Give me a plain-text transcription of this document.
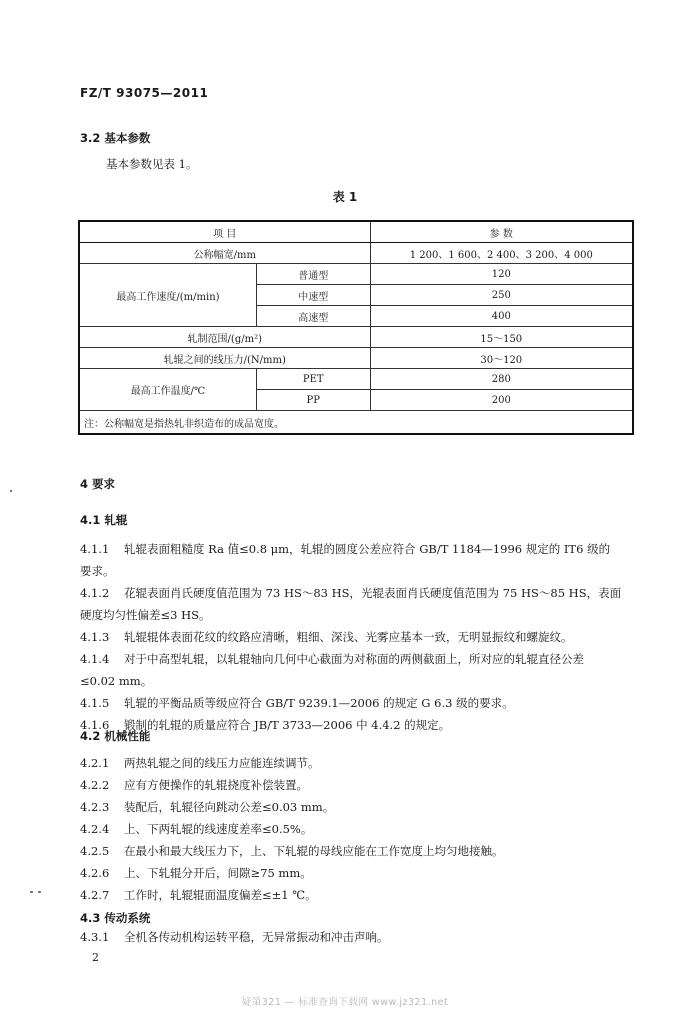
FZ/T 93075—2011
3.2 基本参数
基本参数见表 1。
表 1
项 目		参 数
公称幅宽/mm		1 200、1 600、2 400、3 200、4 000
最高工作速度/(m/min)	普通型	120
	中速型	250
	高速型	400
轧制范围/(g/m²)		15～150
轧辊之间的线压力/(N/mm)		30～120
最高工作温度/℃	PET	280
	PP	200
注：公称幅宽是指热轧非织造布的成品宽度。		
4 要求
4.1 轧辊
4.1.1 轧辊表面粗糙度 Ra 值≤0.8 μm，轧辊的圆度公差应符合 GB/T 1184—1996 规定的 IT6 级的
要求。
4.1.2 花辊表面肖氏硬度值范围为 73 HS～83 HS，光辊表面肖氏硬度值范围为 75 HS～85 HS，表面
硬度均匀性偏差≤3 HS。
4.1.3 轧辊辊体表面花纹的纹路应清晰，粗细、深浅、光雾应基本一致，无明显振纹和螺旋纹。
4.1.4 对于中高型轧辊，以轧辊轴向几何中心截面为对称面的两侧截面上，所对应的轧辊直径公差
≤0.02 mm。
4.1.5 轧辊的平衡品质等级应符合 GB/T 9239.1—2006 的规定 G 6.3 级的要求。
4.1.6 锻制的轧辊的质量应符合 JB/T 3733—2006 中 4.4.2 的规定。
4.2 机械性能
4.2.1 两热轧辊之间的线压力应能连续调节。
4.2.2 应有方便操作的轧辊挠度补偿装置。
4.2.3 装配后，轧辊径向跳动公差≤0.03 mm。
4.2.4 上、下两轧辊的线速度差率≤0.5%。
4.2.5 在最小和最大线压力下，上、下轧辊的母线应能在工作宽度上均匀地接触。
4.2.6 上、下轧辊分开后，间隙≥75 mm。
4.2.7 工作时，轧辊辊面温度偏差≤±1 ℃。
4.3 传动系统
4.3.1 全机各传动机构运转平稳，无异常振动和冲击声响。
2
疑第321 — 标准查询下载网 www.jz321.net
